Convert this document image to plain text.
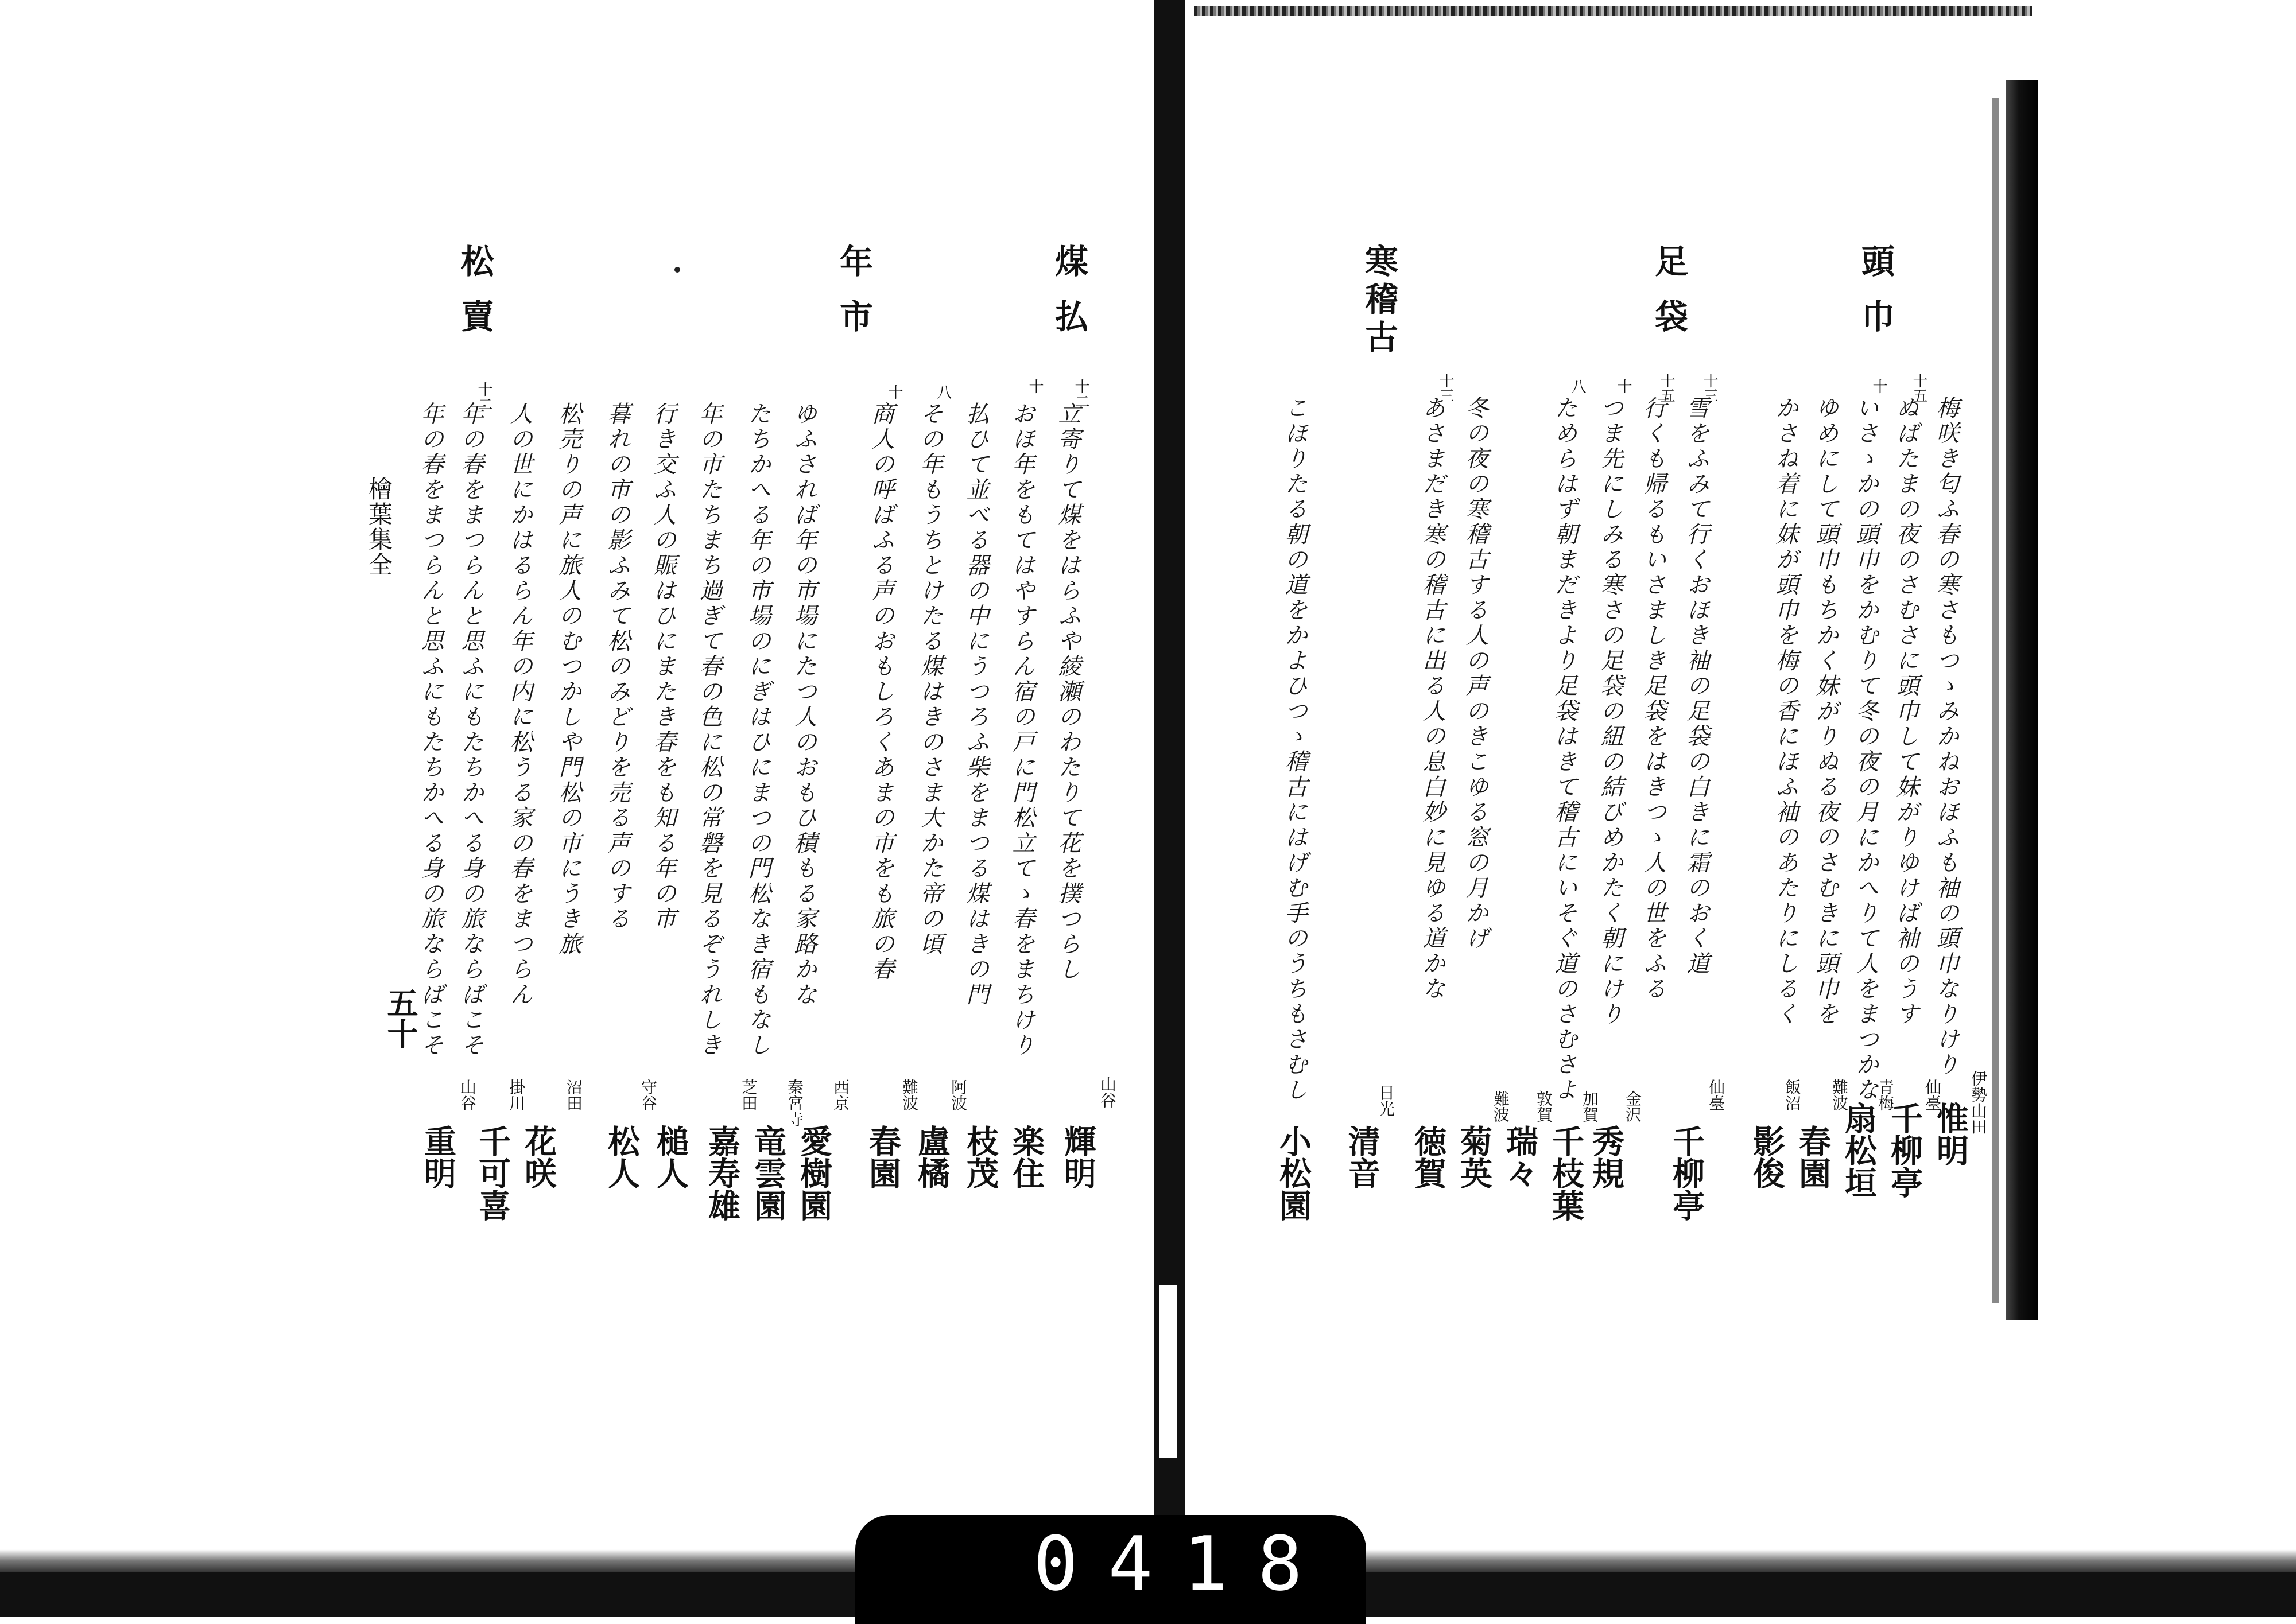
0418
頭巾
足袋
寒稽古
梅咲き匂ふ春の寒さもつゝみかねおほふも袖の頭巾なりけり
ぬばたまの夜のさむさに頭巾して妹がりゆけば袖のうす
十五
いさゝかの頭巾をかむりて冬の夜の月にかへりて人をまつかな
十
ゆめにして頭巾もちかく妹がりぬる夜のさむきに頭巾を
かさね着に妹が頭巾を梅の香にほふ袖のあたりにしるく
雪をふみて行くおほき袖の足袋の白きに霜のおく道
十三
行くも帰るもいさましき足袋をはきつゝ人の世をふる
十五
つま先にしみる寒さの足袋の紐の結びめかたく朝にけり
十
ためらはず朝まだきより足袋はきて稽古にいそぐ道のさむさよ
八
冬の夜の寒稽古する人の声のきこゆる窓の月かげ
あさまだき寒の稽古に出る人の息白妙に見ゆる道かな
十三
こほりたる朝の道をかよひつゝ稽古にはげむ手のうちもさむし	伊勢山田
惟明
仙臺
千柳亭
青梅
扇松垣
難波
春園
飯沼
影俊
仙臺
千柳亭
金沢
秀規
加賀
千枝葉
敦賀
瑞々
難波
菊英
徳賀
日光
清音
小松園
煤払
年市
松賣
立寄りて煤をはらふや綾瀬のわたりて花を撲つらし
十二
おほ年をもてはやすらん宿の戸に門松立てゝ春をまちけり
十
払ひて並べる器の中にうつろふ柴をまつる煤はきの門
その年もうちとけたる煤はきのさま大かた帝の頃
八
商人の呼ばふる声のおもしろくあまの市をも旅の春
十
ゆふされば年の市場にたつ人のおもひ積もる家路かな
たちかへる年の市場のにぎはひにまつの門松なき宿もなし
年の市たちまち過ぎて春の色に松の常磐を見るぞうれしき
行き交ふ人の賑はひにまたき春をも知る年の市
暮れの市の影ふみて松のみどりを売る声のする
松売りの声に旅人のむつかしや門松の市にうき旅
人の世にかはるらん年の内に松うる家の春をまつらん
年の春をまつらんと思ふにもたちかへる身の旅ならばこそ
十二
年の春をまつらんと思ふにもたちかへる身の旅ならばこそ
檜葉集全
五十
山谷
輝明
楽住
枝茂
阿波
盧橘
難波
春園
西京
愛樹園
秦宮寺
竜雲園
芝田
嘉寿雄
槌人
守谷
松人
沼田
花咲
掛川
千可喜
山谷
重明
